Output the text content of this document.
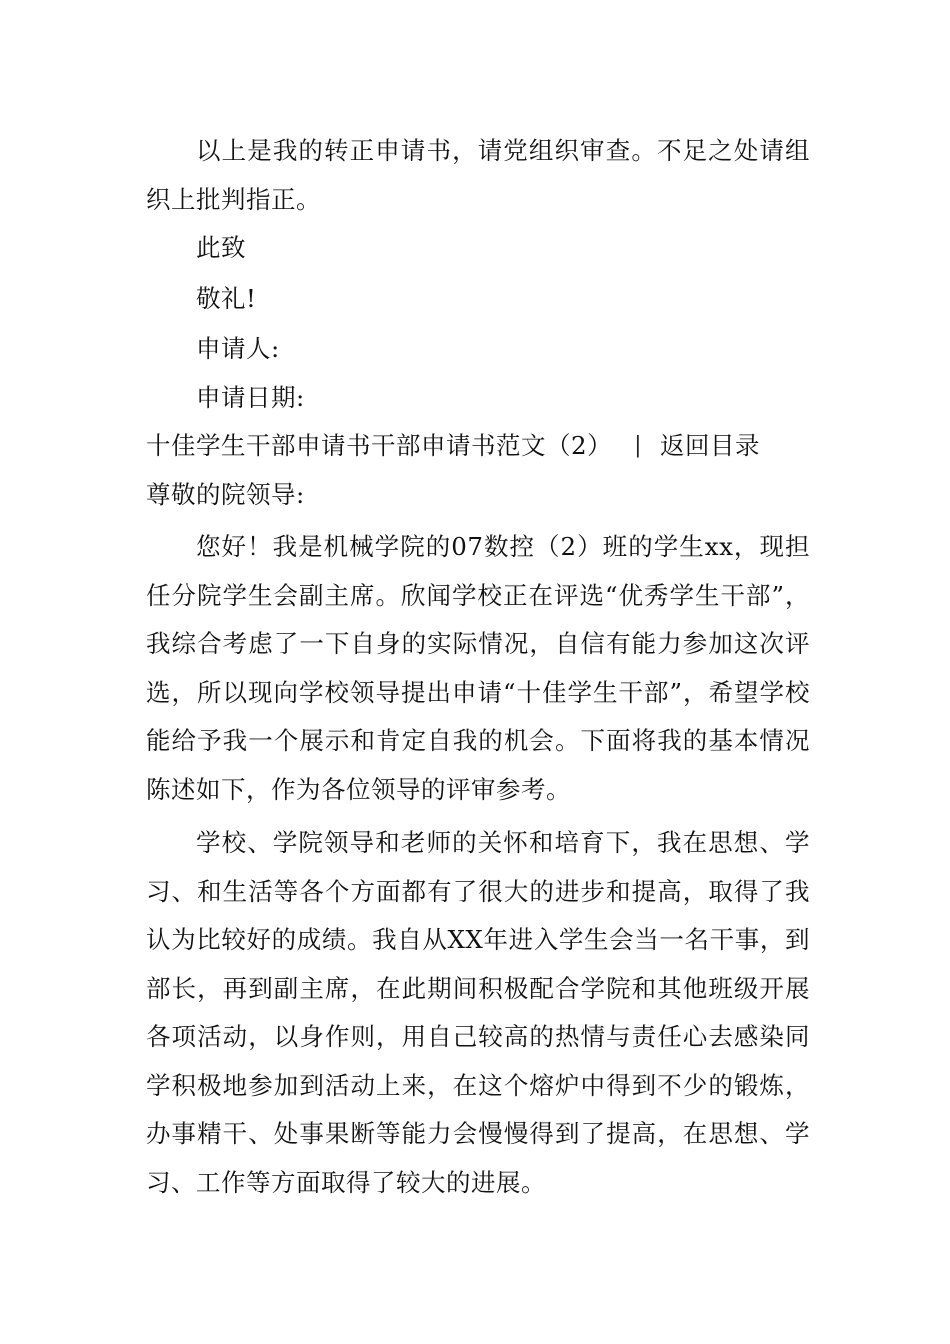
以上是我的转正申请书，请党组织审查。不足之处请组织上批判指正。

此致

敬礼!

申请人:

申请日期:

十佳学生干部申请书干部申请书范文（2） | 返回目录

尊敬的院领导:

您好！我是机械学院的07数控（2）班的学生xx，现担任分院学生会副主席。欣闻学校正在评选“优秀学生干部”，我综合考虑了一下自身的实际情况，自信有能力参加这次评选，所以现向学校领导提出申请“十佳学生干部”，希望学校能给予我一个展示和肯定自我的机会。下面将我的基本情况陈述如下，作为各位领导的评审参考。

学校、学院领导和老师的关怀和培育下，我在思想、学习、和生活等各个方面都有了很大的进步和提高，取得了我认为比较好的成绩。我自从XX年进入学生会当一名干事，到部长，再到副主席，在此期间积极配合学院和其他班级开展各项活动，以身作则，用自己较高的热情与责任心去感染同学积极地参加到活动上来，在这个熔炉中得到不少的锻炼，办事精干、处事果断等能力会慢慢得到了提高，在思想、学习、工作等方面取得了较大的进展。
